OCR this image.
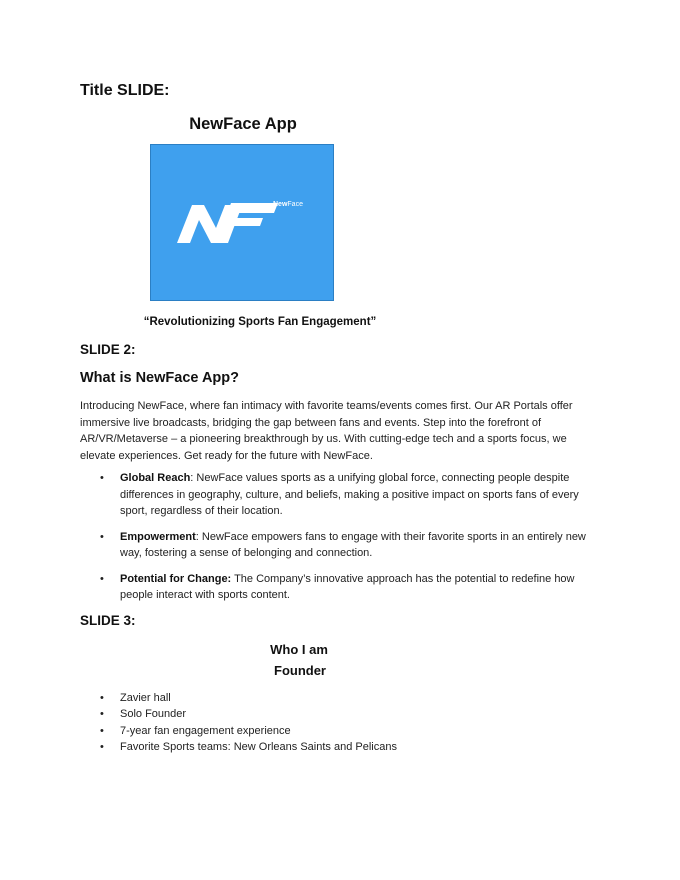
Title SLIDE:
NewFace App
NewFace
“Revolutionizing Sports Fan Engagement”
SLIDE 2:
What is NewFace App?
Introducing NewFace, where fan intimacy with favorite teams/events comes first. Our AR Portals offer
immersive live broadcasts, bridging the gap between fans and events. Step into the forefront of
AR/VR/Metaverse – a pioneering breakthrough by us. With cutting-edge tech and a sports focus, we
elevate experiences. Get ready for the future with NewFace.
• Global Reach: NewFace values sports as a unifying global force, connecting people despite
differences in geography, culture, and beliefs, making a positive impact on sports fans of every
sport, regardless of their location.
• Empowerment: NewFace empowers fans to engage with their favorite sports in an entirely new
way, fostering a sense of belonging and connection.
• Potential for Change: The Company’s innovative approach has the potential to redefine how
people interact with sports content.
SLIDE 3:
Who I am
Founder
• Zavier hall
• Solo Founder
• 7-year fan engagement experience
• Favorite Sports teams: New Orleans Saints and Pelicans
